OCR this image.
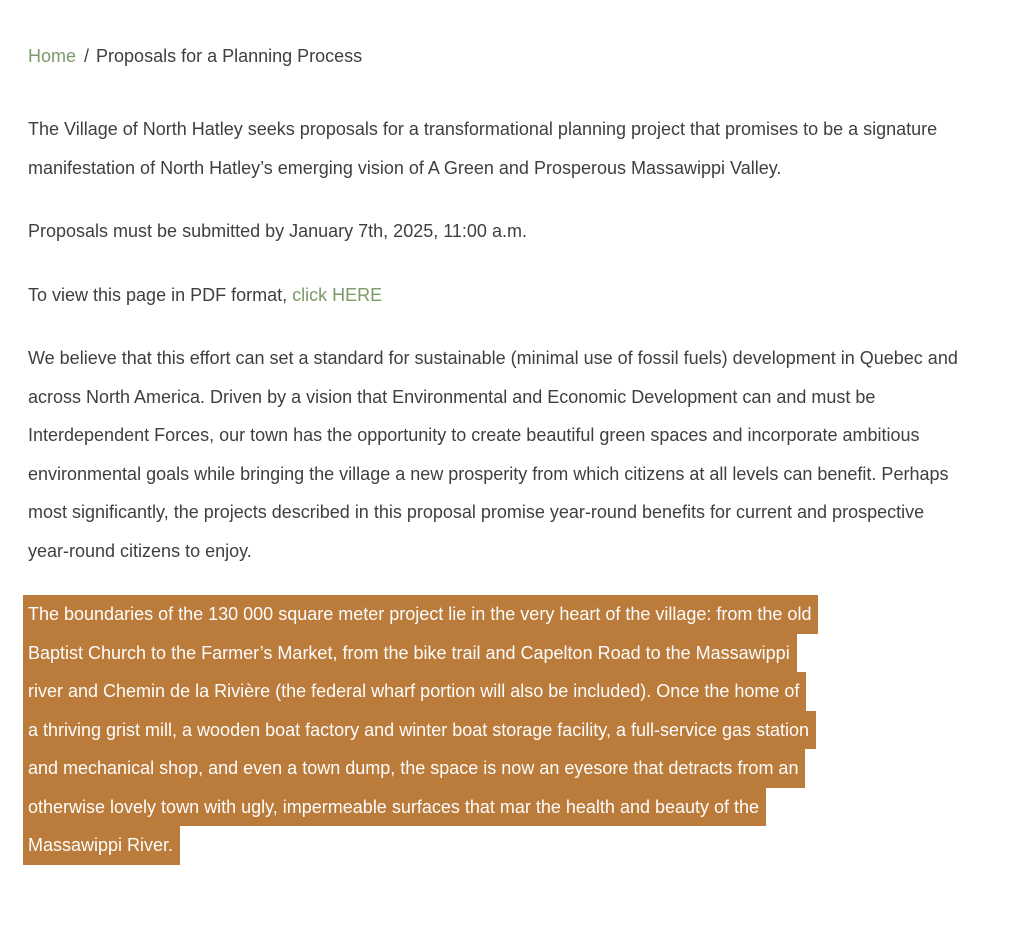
Home / Proposals for a Planning Process

The Village of North Hatley seeks proposals for a transformational planning project that promises to be a signature manifestation of North Hatley’s emerging vision of A Green and Prosperous Massawippi Valley.

Proposals must be submitted by January 7th, 2025, 11:00 a.m.

To view this page in PDF format, click HERE

We believe that this effort can set a standard for sustainable (minimal use of fossil fuels) development in Quebec and across North America. Driven by a vision that Environmental and Economic Development can and must be Interdependent Forces, our town has the opportunity to create beautiful green spaces and incorporate ambitious environmental goals while bringing the village a new prosperity from which citizens at all levels can benefit. Perhaps most significantly, the projects described in this proposal promise year-round benefits for current and prospective year-round citizens to enjoy.

The boundaries of the 130 000 square meter project lie in the very heart of the village: from the old
Baptist Church to the Farmer’s Market, from the bike trail and Capelton Road to the Massawippi
river and Chemin de la Rivière (the federal wharf portion will also be included). Once the home of
a thriving grist mill, a wooden boat factory and winter boat storage facility, a full-service gas station
and mechanical shop, and even a town dump, the space is now an eyesore that detracts from an
otherwise lovely town with ugly, impermeable surfaces that mar the health and beauty of the
Massawippi River.
